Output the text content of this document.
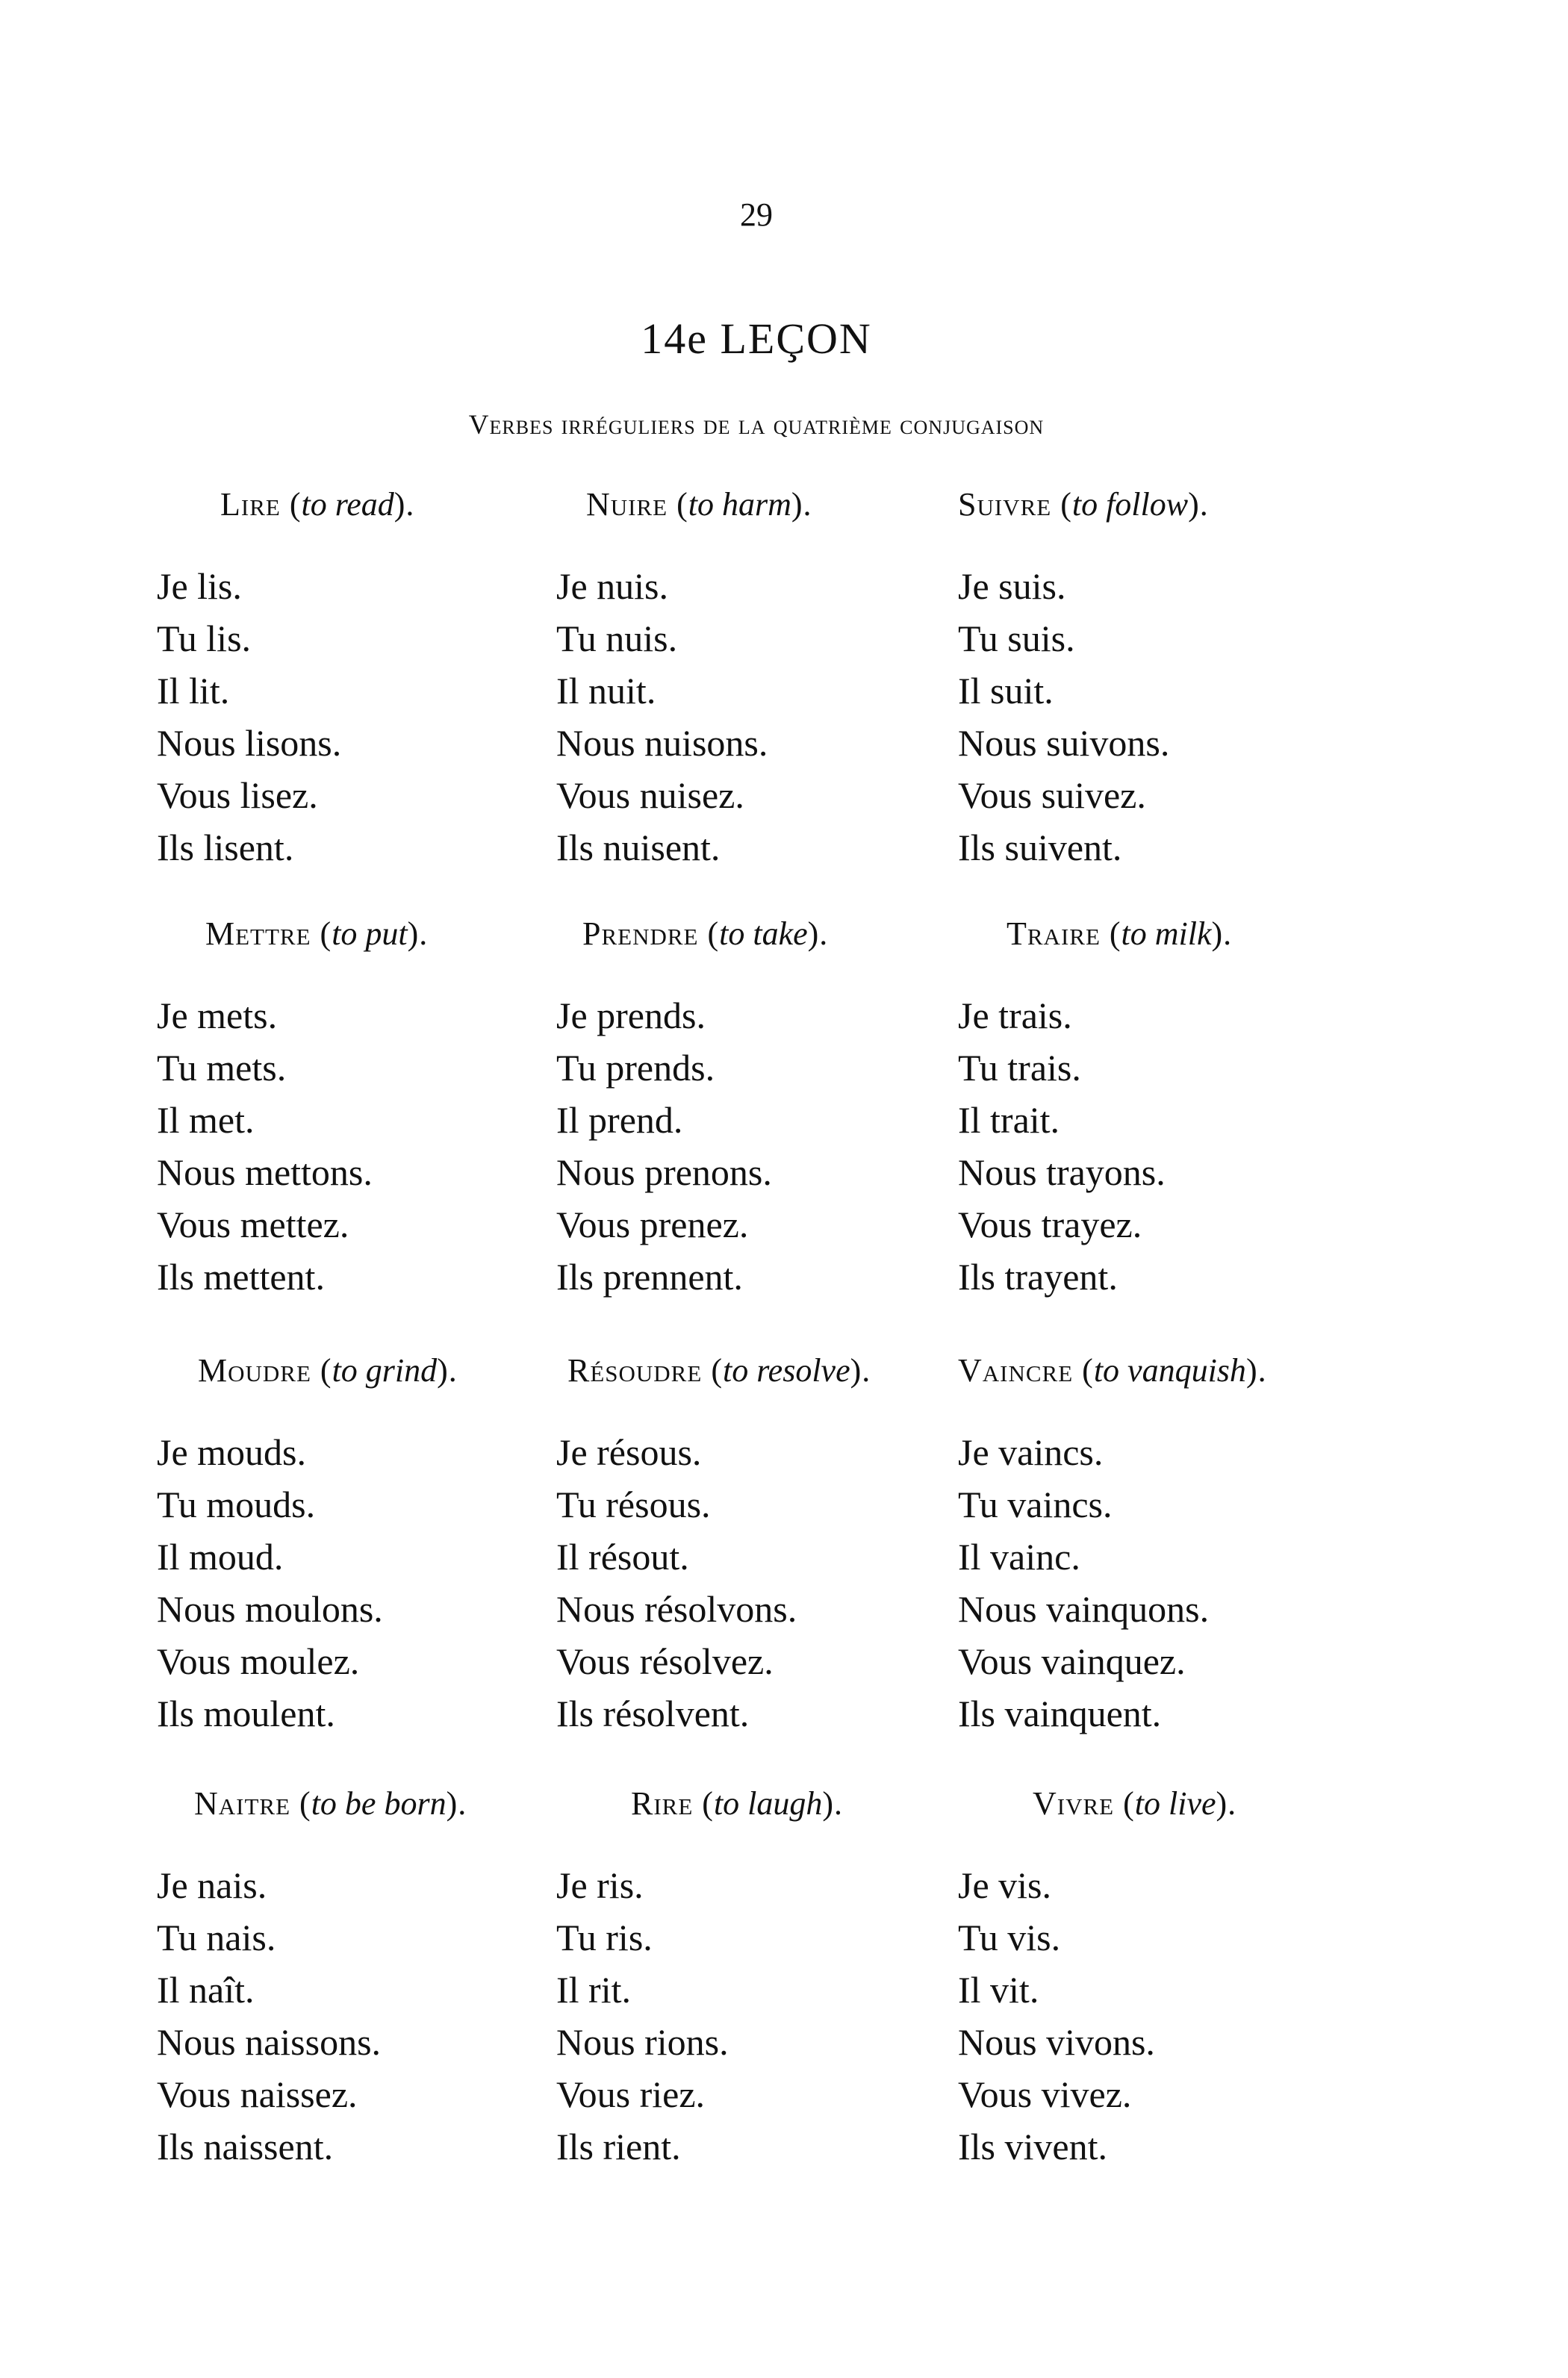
29
14e LEÇON
Verbes irréguliers de la quatrième conjugaison
Lire (to read).
Je lis.
Tu lis.
Il lit.
Nous lisons.
Vous lisez.
Ils lisent.
Nuire (to harm).
Je nuis.
Tu nuis.
Il nuit.
Nous nuisons.
Vous nuisez.
Ils nuisent.
Suivre (to follow).
Je suis.
Tu suis.
Il suit.
Nous suivons.
Vous suivez.
Ils suivent.
Mettre (to put).
Je mets.
Tu mets.
Il met.
Nous mettons.
Vous mettez.
Ils mettent.
Prendre (to take).
Je prends.
Tu prends.
Il prend.
Nous prenons.
Vous prenez.
Ils prennent.
Traire (to milk).
Je trais.
Tu trais.
Il trait.
Nous trayons.
Vous trayez.
Ils trayent.
Moudre (to grind).
Je mouds.
Tu mouds.
Il moud.
Nous moulons.
Vous moulez.
Ils moulent.
Résoudre (to resolve).
Je résous.
Tu résous.
Il résout.
Nous résolvons.
Vous résolvez.
Ils résolvent.
Vaincre (to vanquish).
Je vaincs.
Tu vaincs.
Il vainc.
Nous vainquons.
Vous vainquez.
Ils vainquent.
Naitre (to be born).
Je nais.
Tu nais.
Il naît.
Nous naissons.
Vous naissez.
Ils naissent.
Rire (to laugh).
Je ris.
Tu ris.
Il rit.
Nous rions.
Vous riez.
Ils rient.
Vivre (to live).
Je vis.
Tu vis.
Il vit.
Nous vivons.
Vous vivez.
Ils vivent.
